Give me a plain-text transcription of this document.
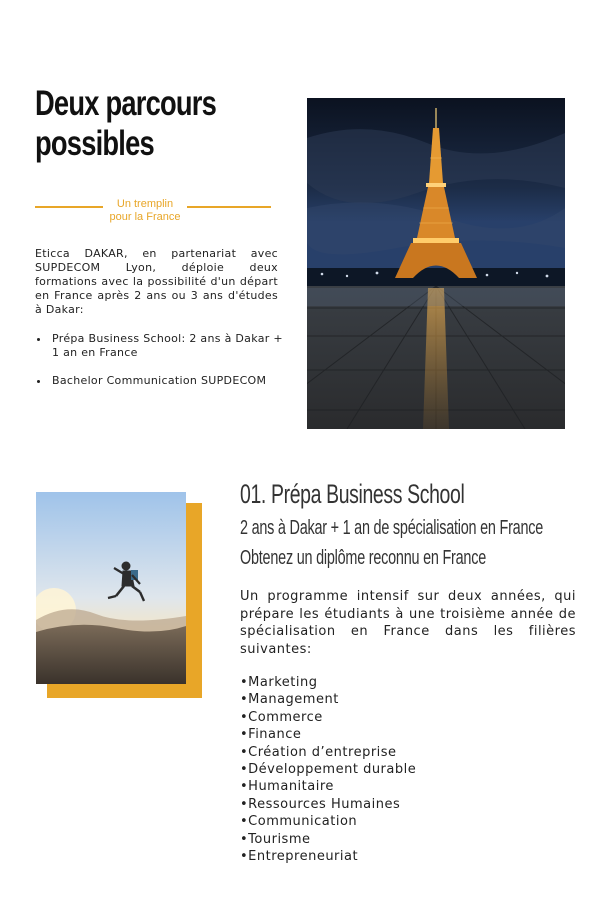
Deux parcours
possibles
Un tremplin
pour la France

Eticca DAKAR, en partenariat avec SUPDECOM Lyon, déploie deux formations avec la possibilité d'un départ en France après 2 ans ou 3 ans d'études à Dakar:

• Prépa Business School: 2 ans à Dakar + 1 an en France
• Bachelor Communication SUPDECOM
01. Prépa Business School
2 ans à Dakar + 1 an de spécialisation en France
Obtenez un diplôme reconnu en France

Un programme intensif sur deux années, qui prépare les étudiants à une troisième année de spécialisation en France dans les filières suivantes:

•Marketing
•Management
•Commerce
•Finance
•Création d’entreprise
•Développement durable
•Humanitaire
•Ressources Humaines
•Communication
•Tourisme
•Entrepreneuriat
